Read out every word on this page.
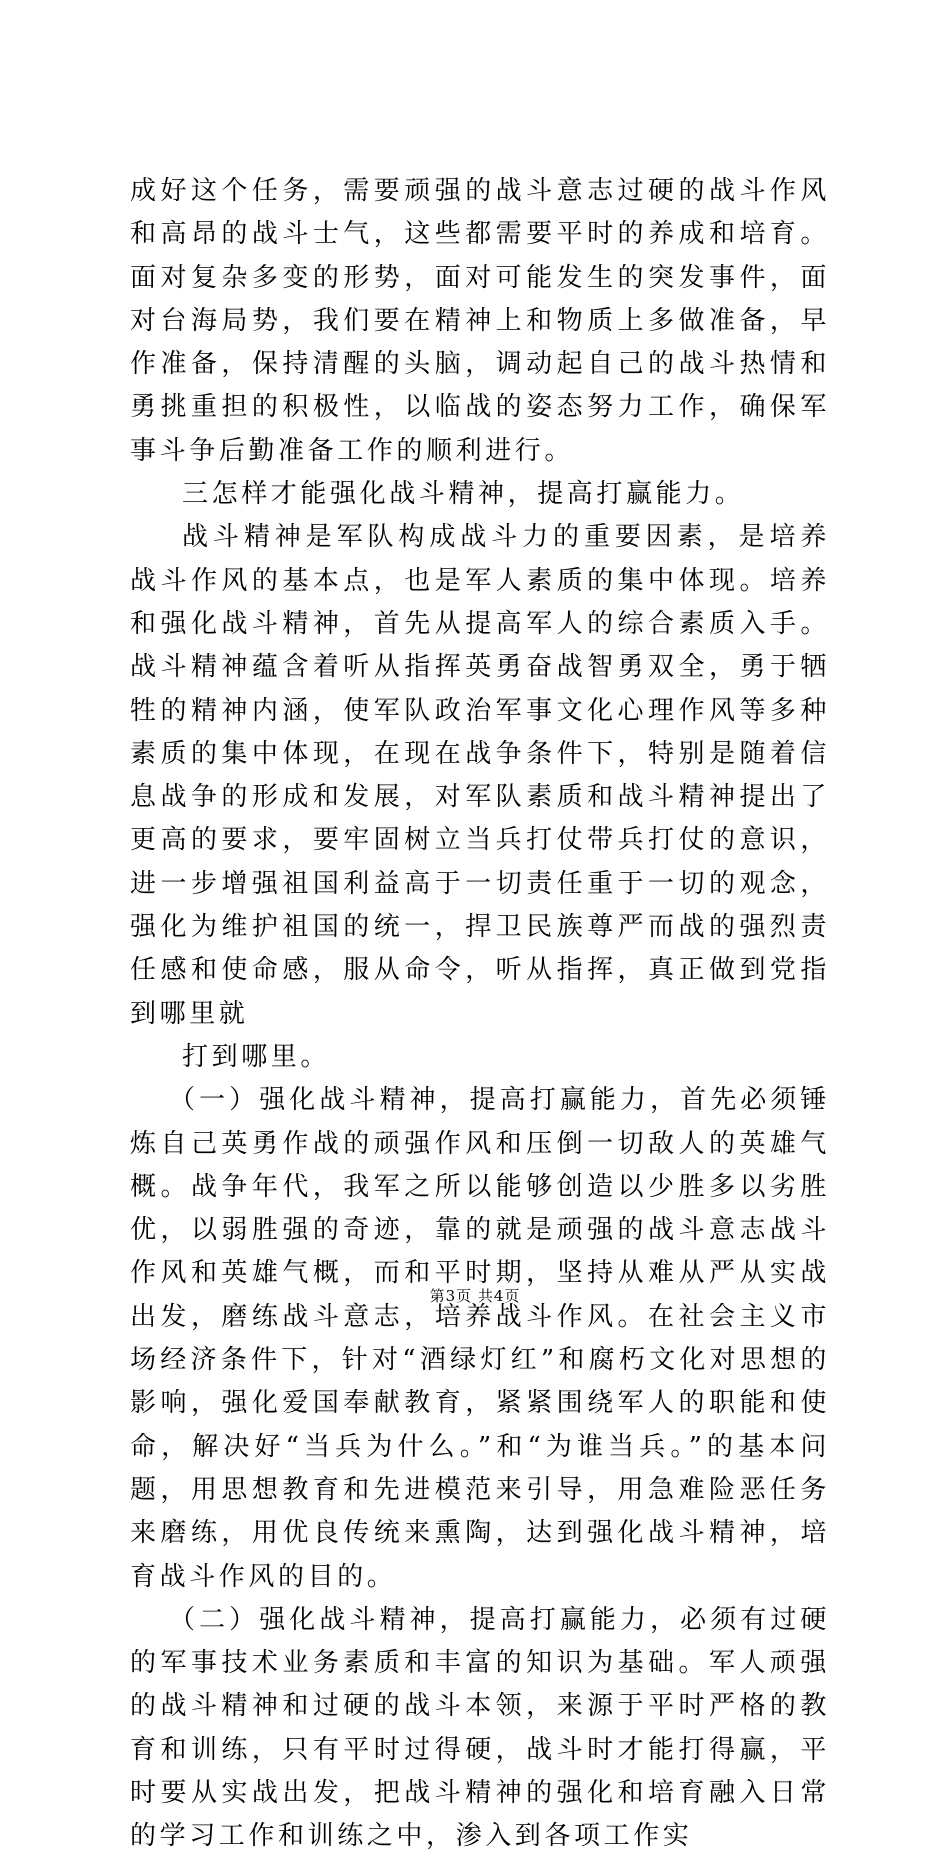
成好这个任务，需要顽强的战斗意志过硬的战斗作风和高昂的战斗士气，这些都需要平时的养成和培育。面对复杂多变的形势，面对可能发生的突发事件，面对台海局势，我们要在精神上和物质上多做准备，早作准备，保持清醒的头脑，调动起自己的战斗热情和勇挑重担的积极性，以临战的姿态努力工作，确保军事斗争后勤准备工作的顺利进行。

三怎样才能强化战斗精神，提高打赢能力。

战斗精神是军队构成战斗力的重要因素，是培养战斗作风的基本点，也是军人素质的集中体现。培养和强化战斗精神，首先从提高军人的综合素质入手。战斗精神蕴含着听从指挥英勇奋战智勇双全，勇于牺牲的精神内涵，使军队政治军事文化心理作风等多种素质的集中体现，在现在战争条件下，特别是随着信息战争的形成和发展，对军队素质和战斗精神提出了更高的要求，要牢固树立当兵打仗带兵打仗的意识，进一步增强祖国利益高于一切责任重于一切的观念，强化为维护祖国的统一，捍卫民族尊严而战的强烈责任感和使命感，服从命令，听从指挥，真正做到党指到哪里就

打到哪里。

（一）强化战斗精神，提高打赢能力，首先必须锤炼自己英勇作战的顽强作风和压倒一切敌人的英雄气概。战争年代，我军之所以能够创造以少胜多以劣胜优，以弱胜强的奇迹，靠的就是顽强的战斗意志战斗作风和英雄气概，而和平时期，坚持从难从严从实战出发，磨练战斗意志，培养战斗作风。在社会主义市场经济条件下，针对“酒绿灯红”和腐朽文化对思想的影响，强化爱国奉献教育，紧紧围绕军人的职能和使命，解决好“当兵为什么。”和“为谁当兵。”的基本问题，用思想教育和先进模范来引导，用急难险恶任务来磨练，用优良传统来熏陶，达到强化战斗精神，培育战斗作风的目的。

（二）强化战斗精神，提高打赢能力，必须有过硬的军事技术业务素质和丰富的知识为基础。军人顽强的战斗精神和过硬的战斗本领，来源于平时严格的教育和训练，只有平时过得硬，战斗时才能打得赢，平时要从实战出发，把战斗精神的强化和培育融入日常的学习工作和训练之中，渗入到各项工作实

第3页 共4页
